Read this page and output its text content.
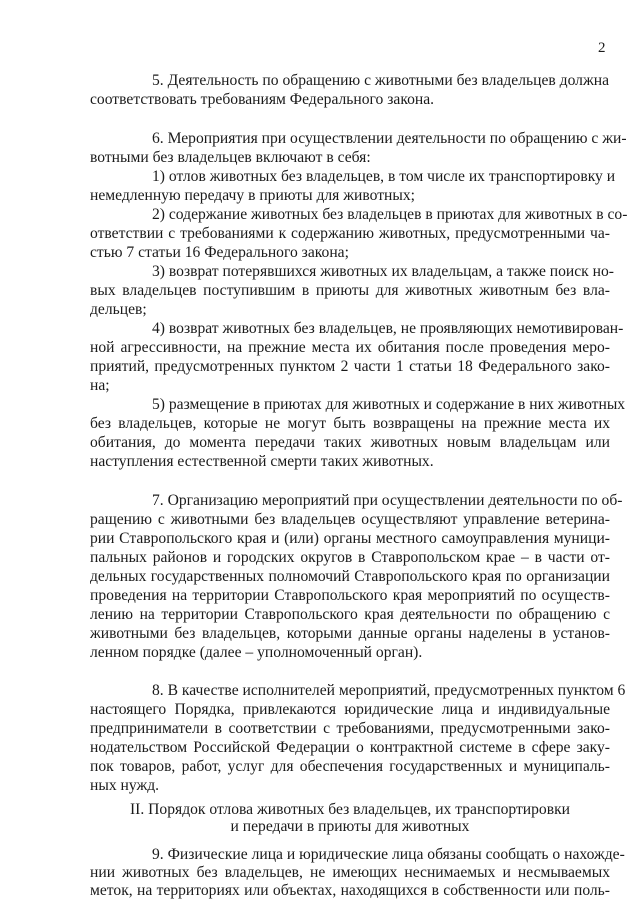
2
5. Деятельность по обращению с животными без владельцев должна
соответствовать требованиям Федерального закона.
6. Мероприятия при осуществлении деятельности по обращению с жи-
вотными без владельцев включают в себя:
1) отлов животных без владельцев, в том числе их транспортировку и
немедленную передачу в приюты для животных;
2) содержание животных без владельцев в приютах для животных в со-
ответствии с требованиями к содержанию животных, предусмотренными ча-
стью 7 статьи 16 Федерального закона;
3) возврат потерявшихся животных их владельцам, а также поиск но-
вых владельцев поступившим в приюты для животных животным без вла-
дельцев;
4) возврат животных без владельцев, не проявляющих немотивирован-
ной агрессивности, на прежние места их обитания после проведения меро-
приятий, предусмотренных пунктом 2 части 1 статьи 18 Федерального зако-
на;
5) размещение в приютах для животных и содержание в них животных
без владельцев, которые не могут быть возвращены на прежние места их
обитания, до момента передачи таких животных новым владельцам или
наступления естественной смерти таких животных.
7. Организацию мероприятий при осуществлении деятельности по об-
ращению с животными без владельцев осуществляют управление ветерина-
рии Ставропольского края и (или) органы местного самоуправления муници-
пальных районов и городских округов в Ставропольском крае – в части от-
дельных государственных полномочий Ставропольского края по организации
проведения на территории Ставропольского края мероприятий по осуществ-
лению на территории Ставропольского края деятельности по обращению с
животными без владельцев, которыми данные органы наделены в установ-
ленном порядке (далее – уполномоченный орган).
8. В качестве исполнителей мероприятий, предусмотренных пунктом 6
настоящего Порядка, привлекаются юридические лица и индивидуальные
предприниматели в соответствии с требованиями, предусмотренными зако-
нодательством Российской Федерации о контрактной системе в сфере заку-
пок товаров, работ, услуг для обеспечения государственных и муниципаль-
ных нужд.
II. Порядок отлова животных без владельцев, их транспортировки
и передачи в приюты для животных
9. Физические лица и юридические лица обязаны сообщать о нахожде-
нии животных без владельцев, не имеющих неснимаемых и несмываемых
меток, на территориях или объектах, находящихся в собственности или поль-
